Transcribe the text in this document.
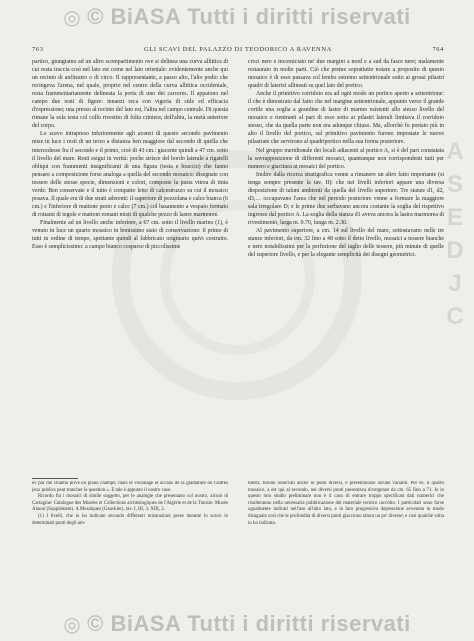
◎ © BiASA Tutti i diritti riservati
A
S
E
D
J
C
763	GLI SCAVI DEL PALAZZO DI TEODORICO A RAVENNA	764

partico, giungiamo ad un altro scompartimento ove si delinea una curva allittica di cui resta traccia così nel lato est come nel lato orientale: evidentemente anche qui un recinto di anfiteatro o di circo. Il rappresentante, a passo alto, l'alto podio che recingeva l'arena, nel quale, proprio nel centro della curva allittica occidentale, resta frammentariamente delineata la porta di uno dei carceres. Il appaiono nel campo due resti di figure: innanzi reca con vigoria di stile ed efficacia d'espressione; una presso al recinto del lato est, l'altra nel campo centrale. Di questa rimane la sola testa col collo rivestito di folta criniera; dell'altra, la metà anteriore del corpo.

Lo scavo intrapreso inferiormente agli avanzi di questo secondo pavimento mise in luce i resti di un terzo a distanza ben maggiore dal secondo di quella che intercedesse fra il secondo e il primo, cioè di 43 cm.: giacente quindi a 47 cm. sotto il livello del mare. Resti esigui in verità: poche strisce del bordo laterale a rigatelli obliqui con frammenti insignificanti di una figura (testa e braccio) che fanno pensare a composizione forse analoga a quella del secondo mosaico: disegnate con tessere delle stesse specie, dimensioni e colori, composte la pasta vitrea di tinta verde. Ben conservate e il tutto è compatto letto di calcestruzzo su cui il mosaico posava. Il quale era di due strati aderenti: il superiore di pozzolana e calce bianca (6 cm.) e l'inferiore di mattone pesto e calce (7 cm.) col basamento a vespaio formato di rottami di tegole e mattoni romani misti di qualche pezzo di lastre marmoree.

Finalmente ad un livello anche inferiore, a 67 cm. sotto il livello marino (1), è venuto in luce un quarto mosaico in bonissimo stato di conservazione: il primo di tutti in ordine di tempo, spettante quindi al fabbricato originario quivi costruito. Esso è semplicissimo: a campo bianco cosparso di piccolissime

croci nere e incorniciato ne' due margini a nord e a sud da fasce nere; malamente restaurato in molte parti. Ciò che preme soprattutto notare a proposito di questo mosaico è di esso passava col lembo estremo settentrionale sotto ai grossi pilastri quadri di laterizi allineati su quel lato del portico.

Anche il primitivo corridoio era ad ogni modo un portico aperto a settentrione: il che è dimostrato dal fatto che nel margine settentrionale, appunto verso il grande cortile una soglia a grandine di lastre di marmo esistenti allo stesso livello del mosaico e rientranti al pari di esso sotto ai pilastri laterali limitava il corridoio stesso, che da quella parte non era adunque chiuso. Ma, allorchè fu portato più in alto il livello del portico, sul primitivo pavimento furono impostate le nuove pilastrate che servirono al quadriportico nella sua forma posteriore.

Nel gruppo meridionale dei locali adiacenti al portico A, si è del pari constatata la sovrapposizione di differenti mosaici, quantunque non corrispondenti tutti per numero e giacitura ai mosaici del portico.

Inoltre dalla ricerca stratigrafica venne a rimanere un altro fatto importante (si tenga sempre presente la tav. II): che nei livelli inferiori appare una diversa disposizione di taluni ambienti da quella del livello superiore. Tre stanze d1, d2, d3,… occupavano l'area che nel periodo posteriore venne a formare la maggiore sala irregolare D; e le prime due serbavano ancora costante la soglia del rispettivo ingresso dal portico A. La soglia della stanza d1 aveva ancora la lastra marmorea di rivestimento, larga m. 0.70, lunga m. 2.30.

Al pavimento superiore, a cm. 14 sul livello del mare, sottostavano nelle tre stanze inferiori, da cm. 32 fino a 48 sotto il detto livello, mosaici a tessere bianche e nere notabilissimi per la perfezione del taglio delle tessere, più minute di quelle del superiore livello, e per la elegante semplicità dei disegni geometrici.

ex par me chiama prive en piano champs; mais le voisinage et accans de la gladiature on l'autres jeux publics peut trancher la question ». E tale è appunto il nostro caso.

Ricordo fra i mosaici di simile soggetto, per le analogie che presentano col nostro, alcuni di Cartagine: Catalogue des Musées et Collections archéologiques de l'Algérie et de la Tunisie: Musée Alaoui (Supplément). A Mosaïques (Gauckler), tav. I, III, 3; XIII, 2.

(1) I livelli, che io ho indicato secondo differenti misurazioni prese durante lo scavo in determinati punti degli am-

bienti, furono osservati anche in punti diversi, e presentavano alcune varianti. Per es. il quarto mosaico, a est qui al secondo, nei diversi punti presentava divergenze da cm. 65 fino a 71. Io in questo mio studio preliminare non è il caso di entrare troppo specificati dati numerici che risulteranno nella necessaria pubblicazione del materiale tecnico raccolto. I particolari sono forse ugualmente indicati nell'uso all'alto lato, e la loro progressiva depressione avvenuta in modo disuguale così che le profondità di diversi punti giacciono talora un po' diverse; e così qualche volta io ho indicato.

◎ © BiASA Tutti i diritti riservati
